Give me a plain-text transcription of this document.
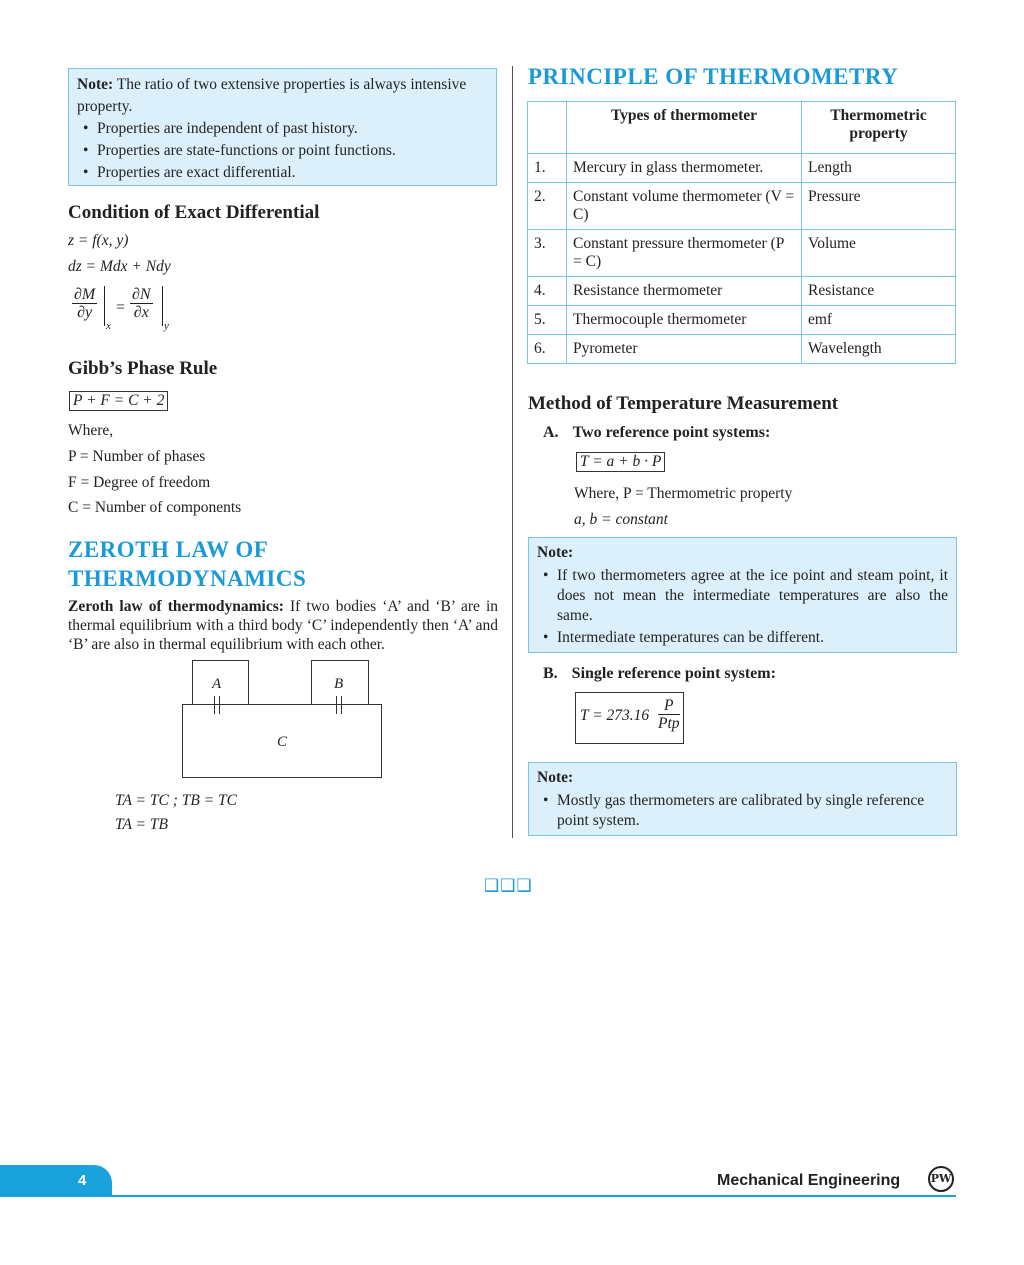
Note: The ratio of two extensive properties is always intensive property.

• Properties are independent of past history.
• Properties are state-functions or point functions.
• Properties are exact differential.
Condition of Exact Differential
z = f(x, y)
dz = Mdx + Ndy
$\frac{\partial M}{\partial y}$
x
= $\frac{\partial N}{\partial x}$
y
Gibb’s Phase Rule
P + F = C + 2
Where,
P = Number of phases
F = Degree of freedom
C = Number of components

ZEROTH LAW OF

THERMODYNAMICS

Zeroth law of thermodynamics: If two bodies ‘A’ and ‘B’ are in thermal equilibrium with a third body ‘C’ independently then ‘A’ and ‘B’ are also in thermal equilibrium with each other.
A	B
C
TA = TC ; TB = TC
TA = TB

PRINCIPLE OF THERMOMETRY

	Types of thermometer	Thermometric property
1.	Mercury in glass thermometer.	Length
2.	Constant volume thermometer (V = C)	Pressure
3.	Constant pressure thermometer (P = C)	Volume
4.	Resistance thermometer	Resistance
5.	Thermocouple thermometer	emf
6.	Pyrometer	Wavelength
Method of Temperature Measurement
A. Two reference point systems:
T = a + b · P
Where, P = Thermometric property
a, b = constant

Note:

• If two thermometers agree at the ice point and steam point, it does not mean the intermediate temperatures are also the same.
• Intermediate temperatures can be different.
B. Single reference point system:
T = 273.16
P
Ptp

Note:

• Mostly gas thermometers are calibrated by single reference point system.
❑❑❑
4	Mechanical Engineering	PW
